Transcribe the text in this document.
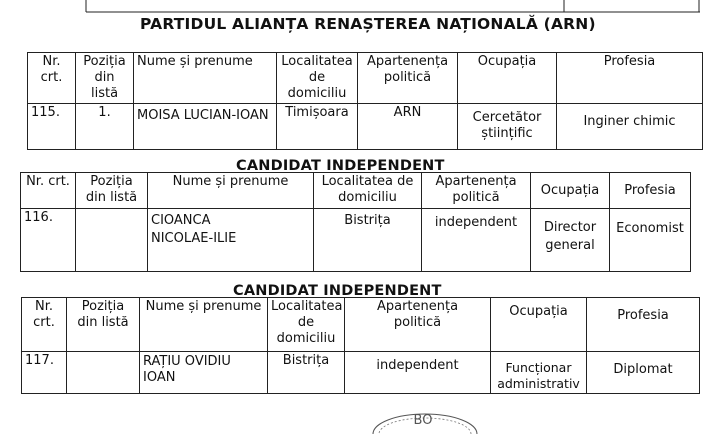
PARTIDUL ALIANȚA RENAȘTEREA NAȚIONALĂ (ARN)
Nr. crt.	Poziția din listă	Nume și prenume	Localitatea de domiciliu	Apartenența politică	Ocupația	Profesia
115.	1.	MOISA LUCIAN-IOAN	Timișoara	ARN	Cercetător științific	Inginer chimic
CANDIDAT INDEPENDENT
Nr. crt.	Poziția din listă	Nume și prenume	Localitatea de domiciliu	Apartenența politică	Ocupația	Profesia
116.		CIOANCA NICOLAE-ILIE	Bistrița	independent	Director general	Economist
CANDIDAT INDEPENDENT
Nr. crt.	Poziția din listă	Nume și prenume	Localitatea de domiciliu	Apartenența politică	Ocupația	Profesia
117.		RAȚIU OVIDIU IOAN	Bistrița	independent	Funcționar administrativ	Diplomat
BO
